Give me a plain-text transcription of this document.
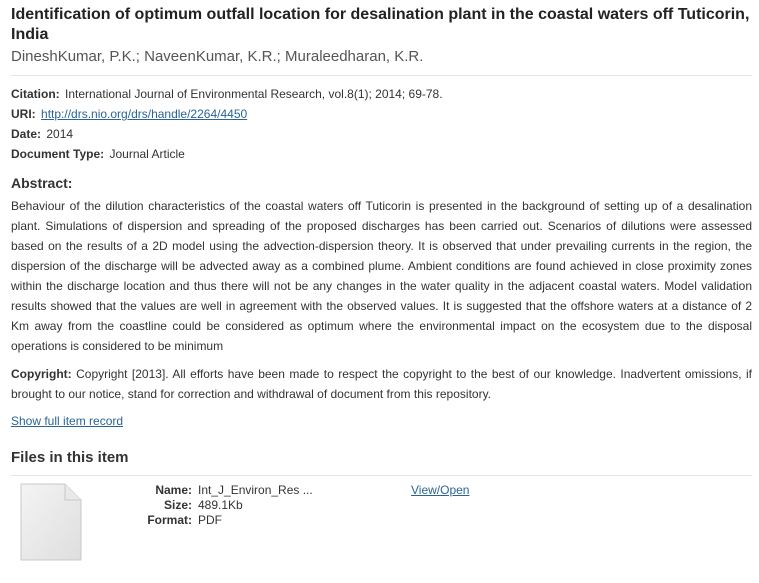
Identification of optimum outfall location for desalination plant in the coastal waters off Tuticorin, India
DineshKumar, P.K.; NaveenKumar, K.R.; Muraleedharan, K.R.
Citation: International Journal of Environmental Research, vol.8(1); 2014; 69-78.
URI: http://drs.nio.org/drs/handle/2264/4450
Date: 2014
Document Type: Journal Article
Abstract:
Behaviour of the dilution characteristics of the coastal waters off Tuticorin is presented in the background of setting up of a desalination plant. Simulations of dispersion and spreading of the proposed discharges has been carried out. Scenarios of dilutions were assessed based on the results of a 2D model using the advection-dispersion theory. It is observed that under prevailing currents in the region, the dispersion of the discharge will be advected away as a combined plume. Ambient conditions are found achieved in close proximity zones within the discharge location and thus there will not be any changes in the water quality in the adjacent coastal waters. Model validation results showed that the values are well in agreement with the observed values. It is suggested that the offshore waters at a distance of 2 Km away from the coastline could be considered as optimum where the environmental impact on the ecosystem due to the disposal operations is considered to be minimum
Copyright: Copyright [2013]. All efforts have been made to respect the copyright to the best of our knowledge. Inadvertent omissions, if brought to our notice, stand for correction and withdrawal of document from this repository.
Show full item record
Files in this item
Name: Int_J_Environ_Res ...
Size: 489.1Kb
Format: PDF
View/Open
